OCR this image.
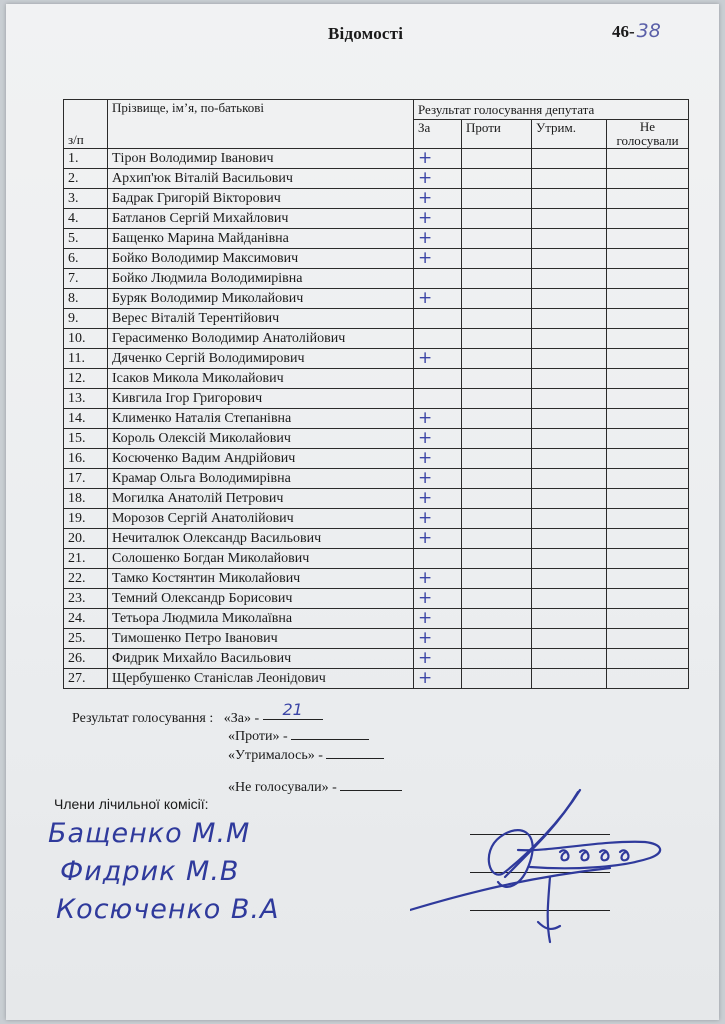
Відомості	46- 38
з/п	Прізвище, ім’я, по-батькові	Результат голосування депутата			
		За	Проти	Утрим.	Не голосували
1.	Тірон Володимир Іванович	+			
2.	Архип'юк Віталій Васильович	+			
3.	Бадрак Григорій Вікторович	+			
4.	Батланов Сергій Михайлович	+			
5.	Бащенко Марина Майданівна	+			
6.	Бойко Володимир Максимович	+			
7.	Бойко Людмила Володимирівна				
8.	Буряк Володимир Миколайович	+			
9.	Верес Віталій Терентійович				
10.	Герасименко Володимир Анатолійович				
11.	Дяченко Сергій Володимирович	+			
12.	Ісаков Микола Миколайович				
13.	Кивгила Ігор Григорович				
14.	Клименко Наталія Степанівна	+			
15.	Король Олексій Миколайович	+			
16.	Косюченко Вадим Андрійович	+			
17.	Крамар Ольга Володимирівна	+			
18.	Могилка Анатолій Петрович	+			
19.	Морозов Сергій Анатолійович	+			
20.	Нечиталюк Олександр Васильович	+			
21.	Солошенко Богдан Миколайович				
22.	Тамко Костянтин Миколайович	+			
23.	Темний Олександр Борисович	+			
24.	Тетьора Людмила Миколаївна	+			
25.	Тимошенко Петро Іванович	+			
26.	Фидрик Михайло Васильович	+			
27.	Щербушенко Станіслав Леонідович	+			
Результат голосування : «За» - 21
«Проти» -
«Утрималось» -
«Не голосували» -
Члени лічильної комісії:
Бащенко М.М
Фидрик М.В
Косюченко В.А
